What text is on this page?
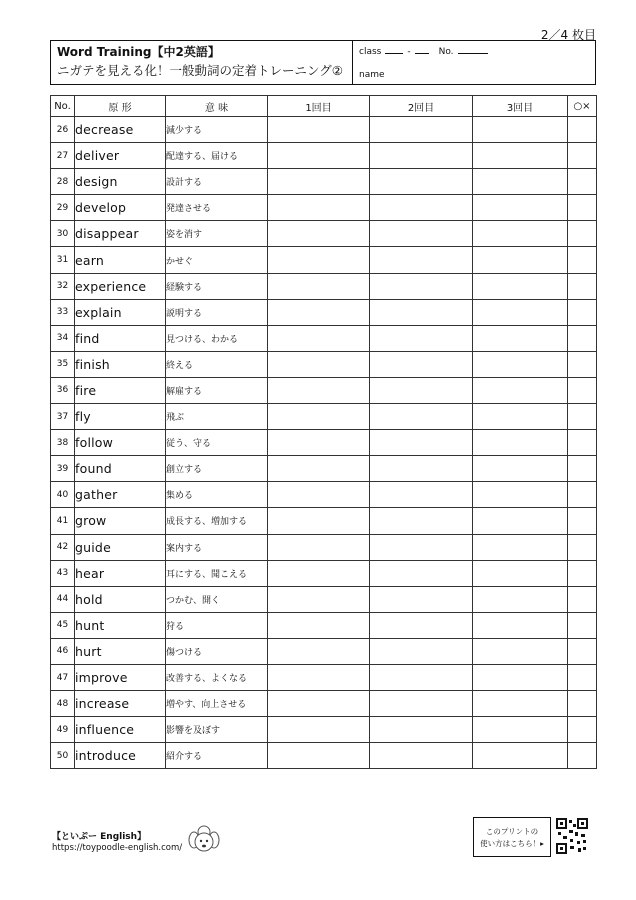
2／4 枚目
Word Training【中2英語】
ニガテを見える化！一般動詞の定着トレーニング②
class	-	No.
name
No.	原 形	意 味	1回目	2回目	3回目	○×
26	decrease	減少する				
27	deliver	配達する、届ける				
28	design	設計する				
29	develop	発達させる				
30	disappear	姿を消す				
31	earn	かせぐ				
32	experience	経験する				
33	explain	説明する				
34	find	見つける、わかる				
35	finish	終える				
36	fire	解雇する				
37	fly	飛ぶ				
38	follow	従う、守る				
39	found	創立する				
40	gather	集める				
41	grow	成長する、増加する				
42	guide	案内する				
43	hear	耳にする、聞こえる				
44	hold	つかむ、開く				
45	hunt	狩る				
46	hurt	傷つける				
47	improve	改善する、よくなる				
48	increase	増やす、向上させる				
49	influence	影響を及ぼす				
50	introduce	紹介する				
【といぷー English】
https://toypoodle-english.com/
このプリントの
使い方はこちら！▸
